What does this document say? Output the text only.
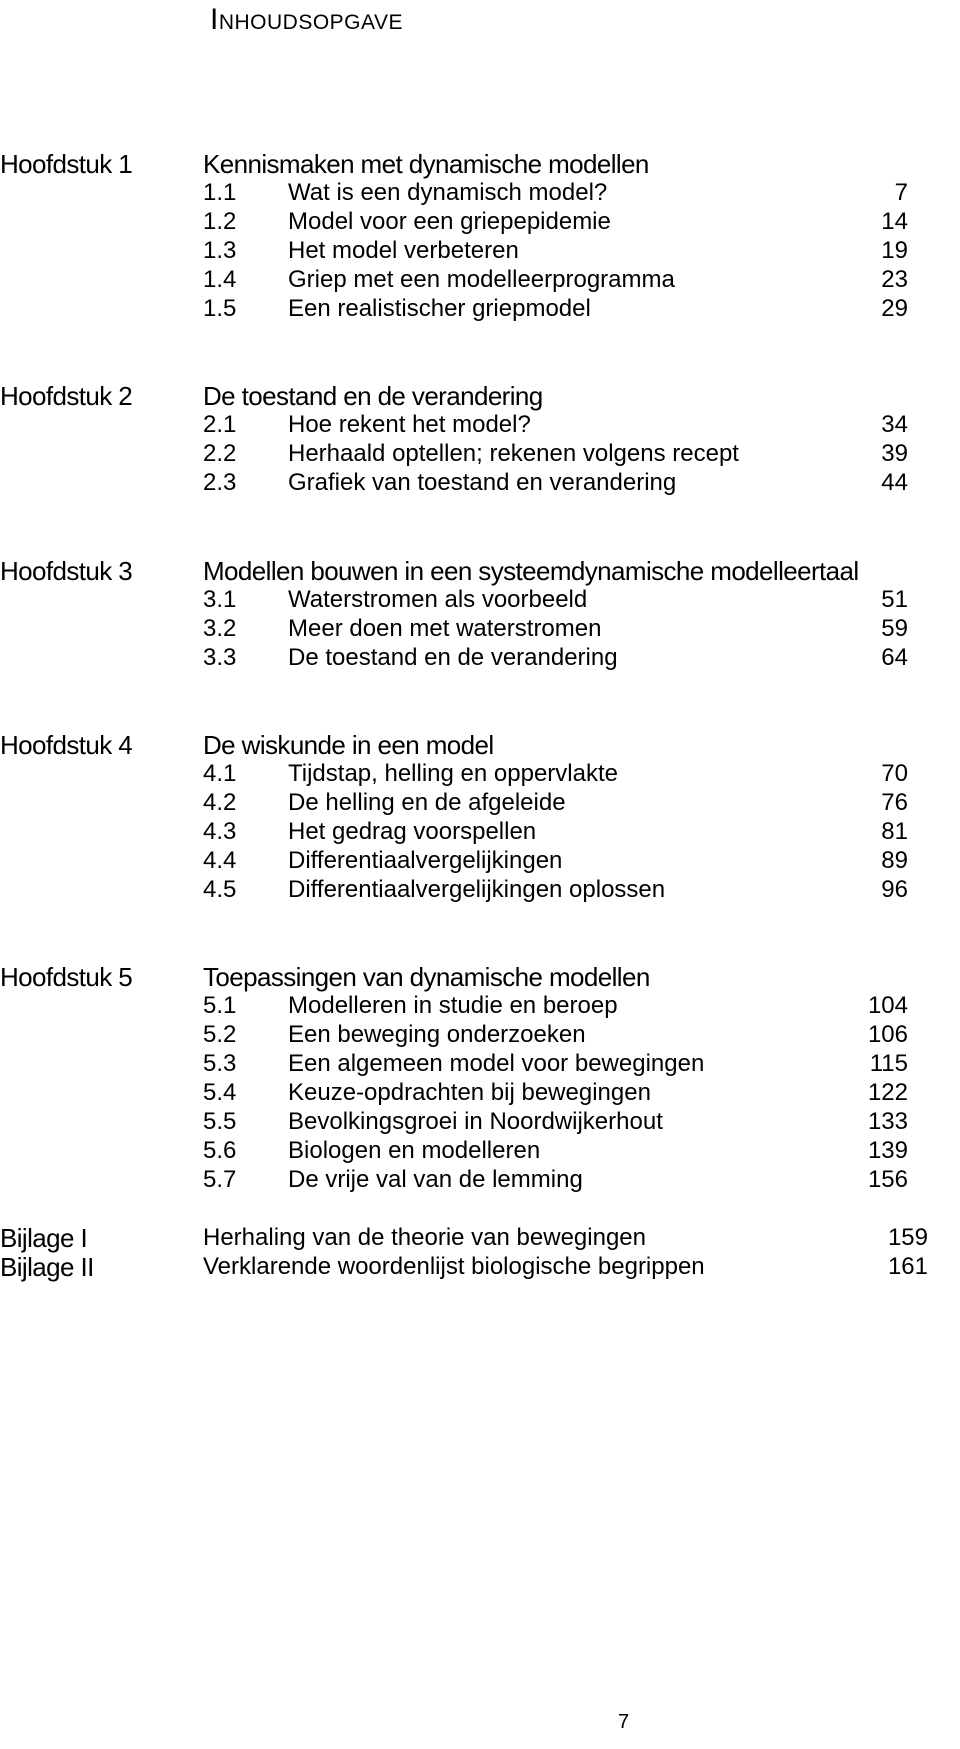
Inhoudsopgave
Hoofdstuk 1	Kennismaken met dynamische modellen
1.1 Wat is een dynamisch model?	7
1.2 Model voor een griepepidemie	14
1.3 Het model verbeteren	19
1.4 Griep met een modelleerprogramma	23
1.5 Een realistischer griepmodel	29
Hoofdstuk 2	De toestand en de verandering
2.1 Hoe rekent het model?	34
2.2 Herhaald optellen; rekenen volgens recept	39
2.3 Grafiek van toestand en verandering	44
Hoofdstuk 3	Modellen bouwen in een systeemdynamische modelleertaal
3.1 Waterstromen als voorbeeld	51
3.2 Meer doen met waterstromen	59
3.3 De toestand en de verandering	64
Hoofdstuk 4	De wiskunde in een model
4.1 Tijdstap, helling en oppervlakte	70
4.2 De helling en de afgeleide	76
4.3 Het gedrag voorspellen	81
4.4 Differentiaalvergelijkingen	89
4.5 Differentiaalvergelijkingen oplossen	96
Hoofdstuk 5	Toepassingen van dynamische modellen
5.1 Modelleren in studie en beroep	104
5.2 Een beweging onderzoeken	106
5.3 Een algemeen model voor bewegingen	115
5.4 Keuze-opdrachten bij bewegingen	122
5.5 Bevolkingsgroei in Noordwijkerhout	133
5.6 Biologen en modelleren	139
5.7 De vrije val van de lemming	156
Bijlage I	Herhaling van de theorie van bewegingen	159
Bijlage II	Verklarende woordenlijst biologische begrippen	161
7
